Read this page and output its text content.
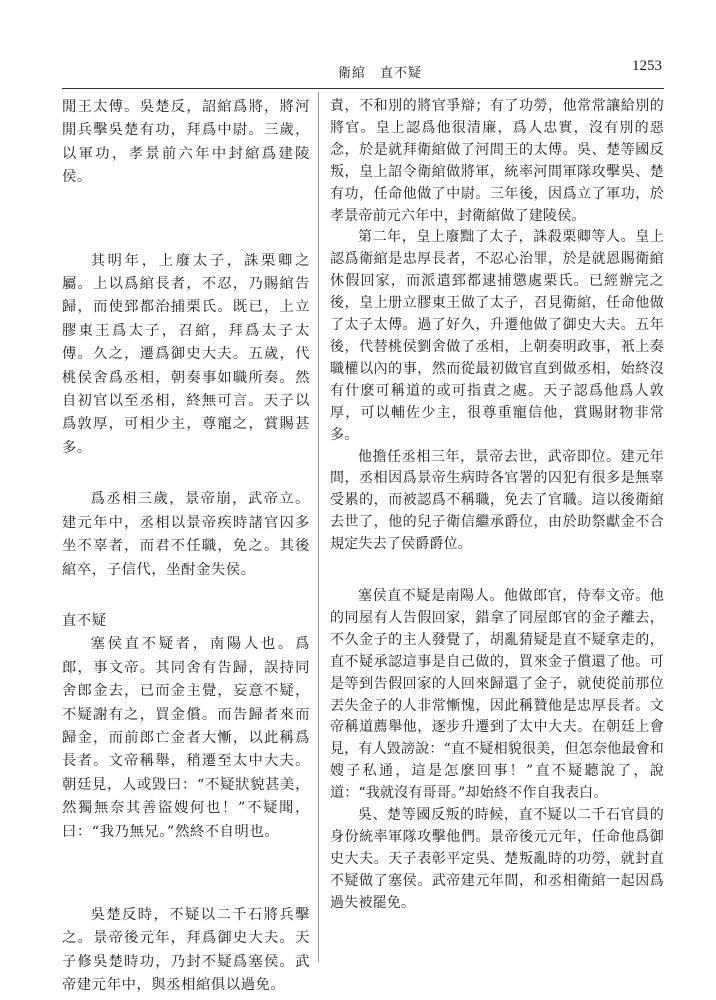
衛綰　直不疑	1253

閒王太傅。吳楚反，詔綰爲將，將河閒兵擊吳楚有功，拜爲中尉。三歲，以軍功，孝景前六年中封綰爲建陵侯。

其明年，上廢太子，誅栗卿之屬。上以爲綰長者，不忍，乃賜綰告歸，而使郅都治捕栗氏。既已，上立膠東王爲太子，召綰，拜爲太子太傅。久之，遷爲御史大夫。五歲，代桃侯舍爲丞相，朝奏事如職所奏。然自初官以至丞相，終無可言。天子以爲敦厚，可相少主，尊寵之，賞賜甚多。

爲丞相三歲，景帝崩，武帝立。建元年中，丞相以景帝疾時諸官囚多坐不辜者，而君不任職，免之。其後綰卒，子信代，坐酎金失侯。

直不疑

塞侯直不疑者，南陽人也。爲郎，事文帝。其同舍有告歸，誤持同舍郎金去，已而金主覺，妄意不疑，不疑謝有之，買金償。而告歸者來而歸金，而前郎亡金者大慚，以此稱爲長者。文帝稱舉，稍遷至太中大夫。朝廷見，人或毀曰：“不疑狀貌甚美，然獨無奈其善盜嫂何也！”不疑聞，曰：“我乃無兄。”然終不自明也。

吳楚反時，不疑以二千石將兵擊之。景帝後元年，拜爲御史大夫。天子修吳楚時功，乃封不疑爲塞侯。武帝建元年中，與丞相綰俱以過免。

責，不和別的將官爭辯；有了功勞，他常常讓給別的將官。皇上認爲他很清廉，爲人忠實，沒有別的惡念，於是就拜衛綰做了河間王的太傅。吳、楚等國反叛，皇上詔令衛綰做將軍，統率河間軍隊攻擊吳、楚有功，任命他做了中尉。三年後，因爲立了軍功，於孝景帝前元六年中，封衛綰做了建陵侯。

第二年，皇上廢黜了太子，誅殺栗卿等人。皇上認爲衛綰是忠厚長者，不忍心治罪，於是就恩賜衛綰休假回家，而派遣郅都逮捕懲處栗氏。已經辦完之後，皇上册立膠東王做了太子，召見衛綰，任命他做了太子太傅。過了好久，升遷他做了御史大夫。五年後，代替桃侯劉舍做了丞相，上朝奏明政事，衹上奏職權以內的事，然而從最初做官直到做丞相，始終沒有什麽可稱道的或可指責之處。天子認爲他爲人敦厚，可以輔佐少主，很尊重寵信他，賞賜財物非常多。

他擔任丞相三年，景帝去世，武帝即位。建元年間，丞相因爲景帝生病時各官署的囚犯有很多是無辜受累的，而被認爲不稱職，免去了官職。這以後衛綰去世了，他的兒子衛信繼承爵位，由於助祭獻金不合規定失去了侯爵爵位。

塞侯直不疑是南陽人。他做郎官，侍奉文帝。他的同屋有人告假回家，錯拿了同屋郎官的金子離去，不久金子的主人發覺了，胡亂猜疑是直不疑拿走的，直不疑承認這事是自己做的，買來金子償還了他。可是等到告假回家的人回來歸還了金子，就使從前那位丟失金子的人非常慚愧，因此稱贊他是忠厚長者。文帝稱道薦舉他，逐步升遷到了太中大夫。在朝廷上會見，有人毀謗說：“直不疑相貌很美，但怎奈他最會和嫂子私通，這是怎麽回事！”直不疑聽說了，說道：“我就沒有哥哥。”却始終不作自我表白。

吳、楚等國反叛的時候，直不疑以二千石官員的身份統率軍隊攻擊他們。景帝後元元年，任命他爲御史大夫。天子表彰平定吳、楚叛亂時的功勞，就封直不疑做了塞侯。武帝建元年間，和丞相衛綰一起因爲過失被罷免。
